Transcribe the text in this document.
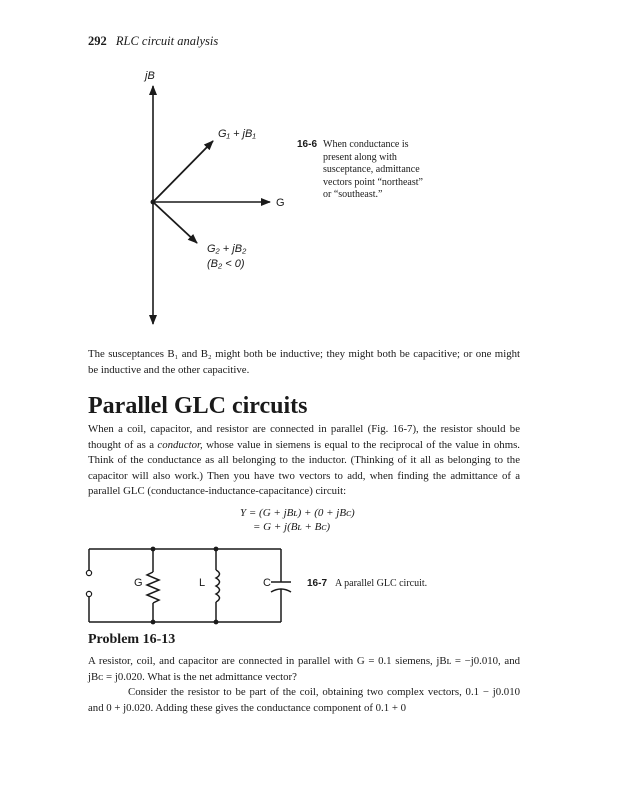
292 RLC circuit analysis
jB
G
G₁ + jB₁
G₂ + jB₂
(B₂ < 0)
16-6 When conductance is
present along with
susceptance, admittance
vectors point “northeast”
or “southeast.”
The susceptances B₁ and B₂ might both be inductive; they might both be capacitive; or one might be inductive and the other capacitive.
Parallel GLC circuits
When a coil, capacitor, and resistor are connected in parallel (Fig. 16-7), the resistor should be thought of as a conductor, whose value in siemens is equal to the reciprocal of the value in ohms. Think of the conductance as all belonging to the inductor. (Thinking of it all as belonging to the capacitor will also work.) Then you have two vectors to add, when finding the admittance of a parallel GLC (conductance-inductance-capacitance) circuit:
Y = (G + jBʟ) + (0 + jBᴄ)
= G + j(Bʟ + Bᴄ)
G	L	C	16-7 A parallel GLC circuit.
Problem 16-13
A resistor, coil, and capacitor are connected in parallel with G = 0.1 siemens, jBʟ = −j0.010, and jBᴄ = j0.020. What is the net admittance vector?
Consider the resistor to be part of the coil, obtaining two complex vectors, 0.1 − j0.010 and 0 + j0.020. Adding these gives the conductance component of 0.1 + 0
